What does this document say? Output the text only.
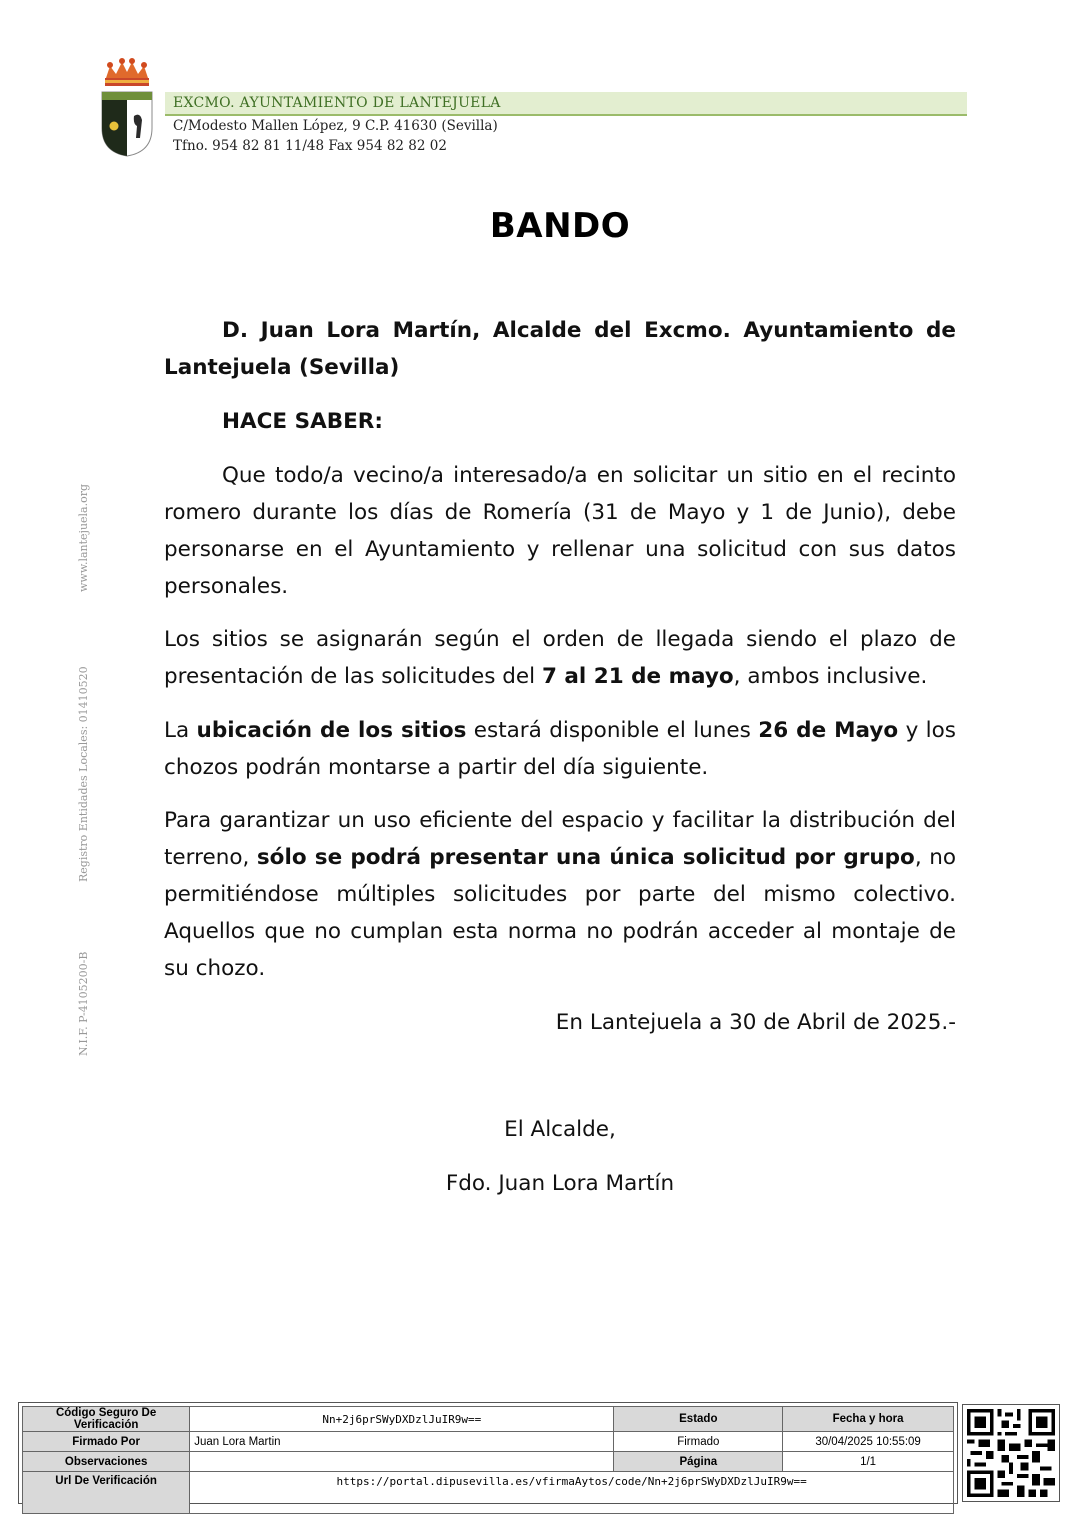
EXCMO. AYUNTAMIENTO DE LANTEJUELA
C/Modesto Mallen López, 9 C.P. 41630 (Sevilla)
Tfno. 954 82 81 11/48 Fax 954 82 82 02
www.lantejuela.org
Registro Entidades Locales: 01410520
N.I.F. P-4105200-B
BANDO
D. Juan Lora Martín, Alcalde del Excmo. Ayuntamiento de Lantejuela (Sevilla)
HACE SABER:
Que todo/a vecino/a interesado/a en solicitar un sitio en el recinto romero durante los días de Romería (31 de Mayo y 1 de Junio), debe personarse en el Ayuntamiento y rellenar una solicitud con sus datos personales.
Los sitios se asignarán según el orden de llegada siendo el plazo de presentación de las solicitudes del 7 al 21 de mayo, ambos inclusive.
La ubicación de los sitios estará disponible el lunes 26 de Mayo y los chozos podrán montarse a partir del día siguiente.
Para garantizar un uso eficiente del espacio y facilitar la distribución del terreno, sólo se podrá presentar una única solicitud por grupo, no permitiéndose múltiples solicitudes por parte del mismo colectivo. Aquellos que no cumplan esta norma no podrán acceder al montaje de su chozo.
En Lantejuela a 30 de Abril de 2025.-
El Alcalde,
Fdo. Juan Lora Martín
Código Seguro De Verificación	Nn+2j6prSWyDXDzlJuIR9w==	Estado	Fecha y hora
Firmado Por	Juan Lora Martin	Firmado	30/04/2025 10:55:09
Observaciones		Página	1/1
Url De Verificación	https://portal.dipusevilla.es/vfirmaAytos/code/Nn+2j6prSWyDXDzlJuIR9w==		
